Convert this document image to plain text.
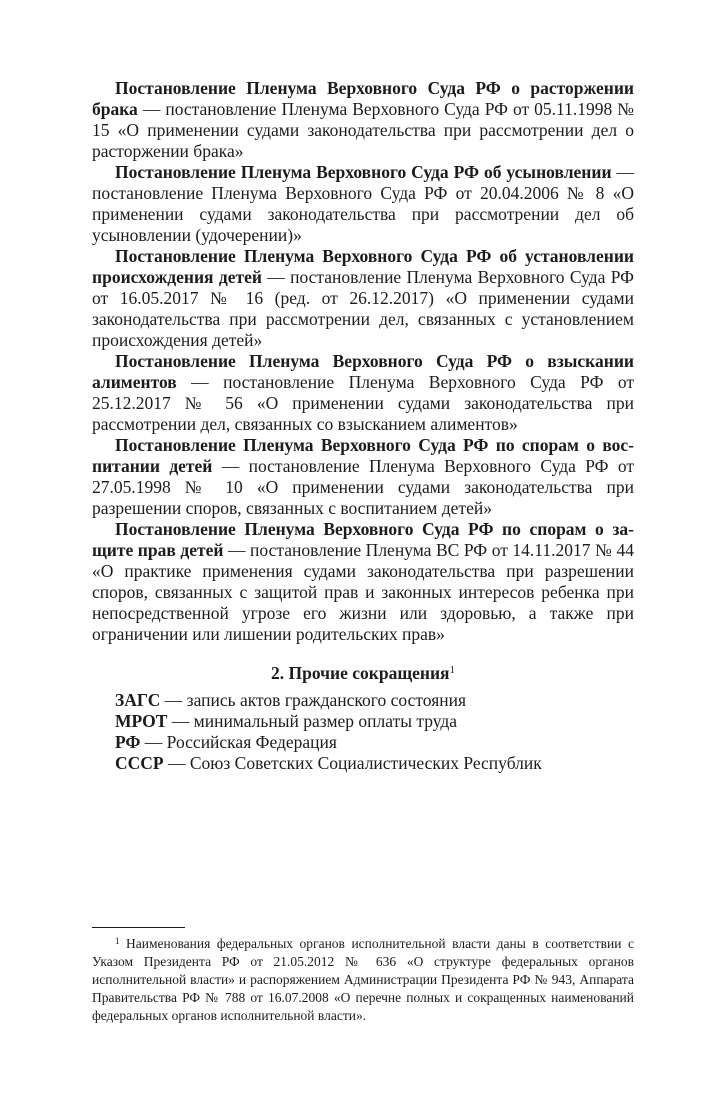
Постановление Пленума Верховного Суда РФ о расторжении брака — постановление Пленума Верховного Суда РФ от 05.11.1998 № 15 «О применении судами законодательства при рассмотрении дел о расторжении брака»

Постановление Пленума Верховного Суда РФ об усыновлении — постановление Пленума Верховного Суда РФ от 20.04.2006 № 8 «О применении судами законодательства при рассмотрении дел об усыновлении (удочерении)»

Постановление Пленума Верховного Суда РФ об установлении происхождения детей — постановление Пленума Верховного Суда РФ от 16.05.2017 № 16 (ред. от 26.12.2017) «О применении судами законодательства при рассмотрении дел, связанных с установлением происхождения детей»

Постановление Пленума Верховного Суда РФ о взыскании алиментов — постановление Пленума Верховного Суда РФ от 25.12.2017 № 56 «О применении судами законодательства при рассмотрении дел, связанных со взысканием алиментов»

Постановление Пленума Верховного Суда РФ по спорам о воспитании детей — постановление Пленума Верховного Суда РФ от 27.05.1998 № 10 «О применении судами законодательства при разрешении споров, связанных с воспитанием детей»

Постановление Пленума Верховного Суда РФ по спорам о защите прав детей — постановление Пленума ВС РФ от 14.11.2017 № 44 «О практике применения судами законодательства при разрешении споров, связанных с защитой прав и законных интересов ребенка при непосредственной угрозе его жизни или здоровью, а также при ограничении или лишении родительских прав»

2. Прочие сокращения$^1$

ЗАГС — запись актов гражданского состояния

МРОТ — минимальный размер оплаты труда

РФ — Российская Федерация

СССР — Союз Советских Социалистических Республик

$^1$ Наименования федеральных органов исполнительной власти даны в соответствии с Указом Президента РФ от 21.05.2012 № 636 «О структуре федеральных органов исполнительной власти» и распоряжением Администрации Президента РФ № 943, Аппарата Правительства РФ № 788 от 16.07.2008 «О перечне полных и сокращенных наименований федеральных органов исполнительной власти».
